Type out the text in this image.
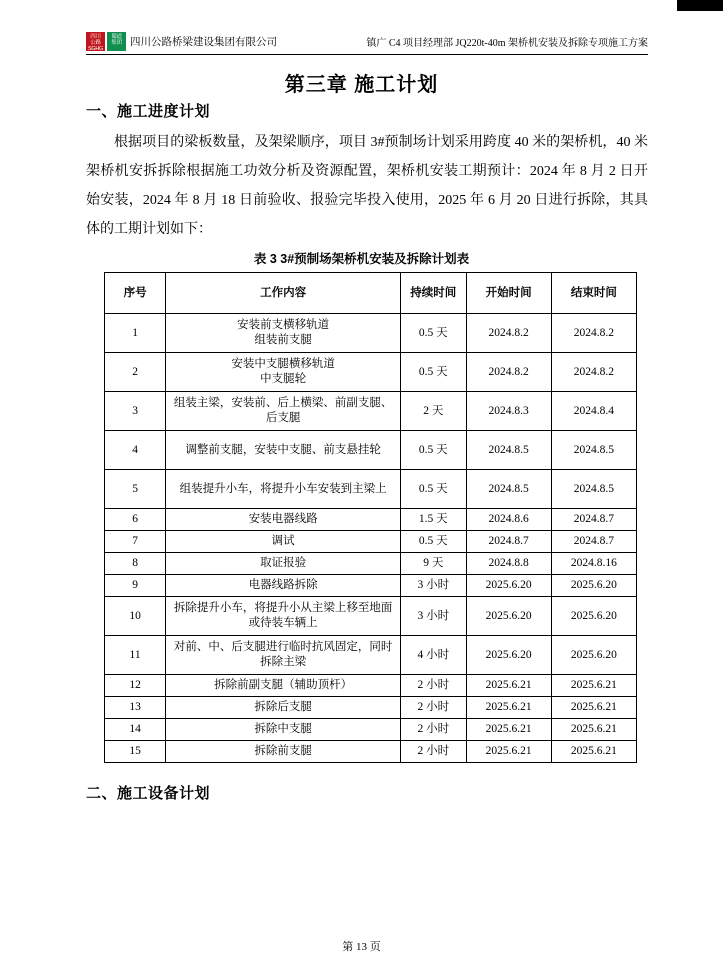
四川
公路
SGHG
蜀道
集团 四川公路桥梁建设集团有限公司	镇广 C4 项目经理部 JQ220t-40m 架桥机安装及拆除专项施工方案
第三章 施工计划
一、施工进度计划
根据项目的梁板数量，及架梁顺序，项目 3#预制场计划采用跨度 40 米的架桥机，40 米架桥机安拆拆除根据施工功效分析及资源配置，架桥机安装工期预计：2024 年 8 月 2 日开始安装，2024 年 8 月 18 日前验收、报验完毕投入使用，2025 年 6 月 20 日进行拆除，其具体的工期计划如下：
表 3 3#预制场架桥机安装及拆除计划表
序号	工作内容	持续时间	开始时间	结束时间
1	安装前支横移轨道
组装前支腿	0.5 天	2024.8.2	2024.8.2
2	安装中支腿横移轨道
中支腿轮	0.5 天	2024.8.2	2024.8.2
3	组装主梁，安装前、后上横梁、前副支腿、后支腿	2 天	2024.8.3	2024.8.4
4	调整前支腿，安装中支腿、前支悬挂轮	0.5 天	2024.8.5	2024.8.5
5	组装提升小车，将提升小车安装到主梁上	0.5 天	2024.8.5	2024.8.5
6	安装电器线路	1.5 天	2024.8.6	2024.8.7
7	调试	0.5 天	2024.8.7	2024.8.7
8	取证报验	9 天	2024.8.8	2024.8.16
9	电器线路拆除	3 小时	2025.6.20	2025.6.20
10	拆除提升小车，将提升小从主梁上移至地面或待装车辆上	3 小时	2025.6.20	2025.6.20
11	对前、中、后支腿进行临时抗风固定，同时拆除主梁	4 小时	2025.6.20	2025.6.20
12	拆除前副支腿（辅助顶杆）	2 小时	2025.6.21	2025.6.21
13	拆除后支腿	2 小时	2025.6.21	2025.6.21
14	拆除中支腿	2 小时	2025.6.21	2025.6.21
15	拆除前支腿	2 小时	2025.6.21	2025.6.21
二、施工设备计划
第 13 页
